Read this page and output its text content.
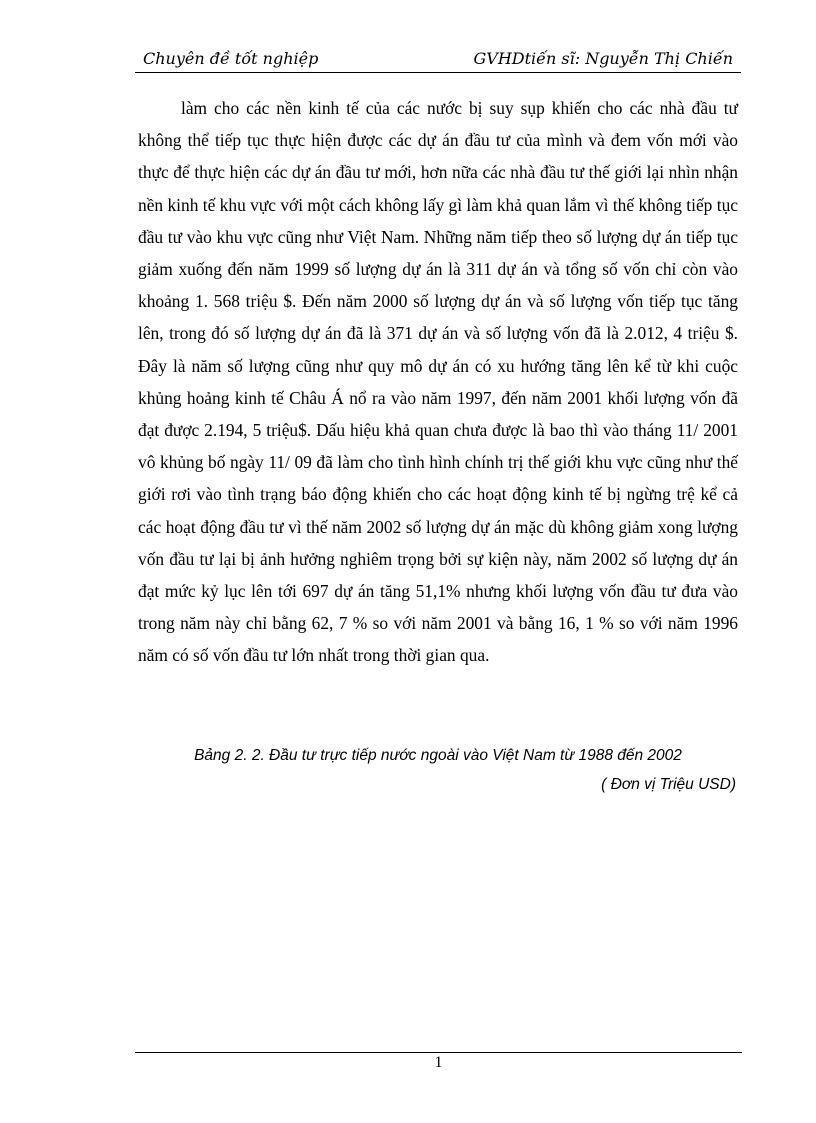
Chuyên đề tốt nghiệp	GVHDtiến sĩ: Nguyễn Thị Chiến

làm cho các nền kinh tế của các nước bị suy sụp khiến cho các nhà đầu tư không thể tiếp tục thực hiện được các dự án đầu tư của mình và đem vốn mới vào thực để thực hiện các dự án đầu tư mới, hơn nữa các nhà đầu tư thế giới lại nhìn nhận nền kinh tế khu vực với một cách không lấy gì làm khả quan lắm vì thế không tiếp tục đầu tư vào khu vực cũng như Việt Nam. Những năm tiếp theo số lượng dự án tiếp tục giảm xuống đến năm 1999 số lượng dự án là 311 dự án và tổng số vốn chỉ còn vào khoảng 1. 568 triệu $. Đến năm 2000 số lượng dự án và số lượng vốn tiếp tục tăng lên, trong đó số lượng dự án đã là 371 dự án và số lượng vốn đã là 2.012, 4 triệu $. Đây là năm số lượng cũng như quy mô dự án có xu hướng tăng lên kể từ khi cuộc khủng hoảng kinh tế Châu Á nổ ra vào năm 1997, đến năm 2001 khối lượng vốn đã đạt được 2.194, 5 triệu$. Dấu hiệu khả quan chưa được là bao thì vào tháng 11/ 2001 vô khủng bố ngày 11/ 09 đã làm cho tình hình chính trị thế giới khu vực cũng như thế giới rơi vào tình trạng báo động khiến cho các hoạt động kinh tế bị ngừng trệ kể cả các hoạt động đầu tư vì thế năm 2002 số lượng dự án mặc dù không giảm xong lượng vốn đầu tư lại bị ảnh hưởng nghiêm trọng bởi sự kiện này, năm 2002 số lượng dự án đạt mức kỷ lục lên tới 697 dự án tăng 51,1% nhưng khối lượng vốn đầu tư đưa vào trong năm này chỉ bằng 62, 7 % so với năm 2001 và bằng 16, 1 % so với năm 1996 năm có số vốn đầu tư lớn nhất trong thời gian qua.

Bảng 2. 2. Đầu tư trực tiếp nước ngoài vào Việt Nam từ 1988 đến 2002
( Đơn vị Triệu USD)
1
